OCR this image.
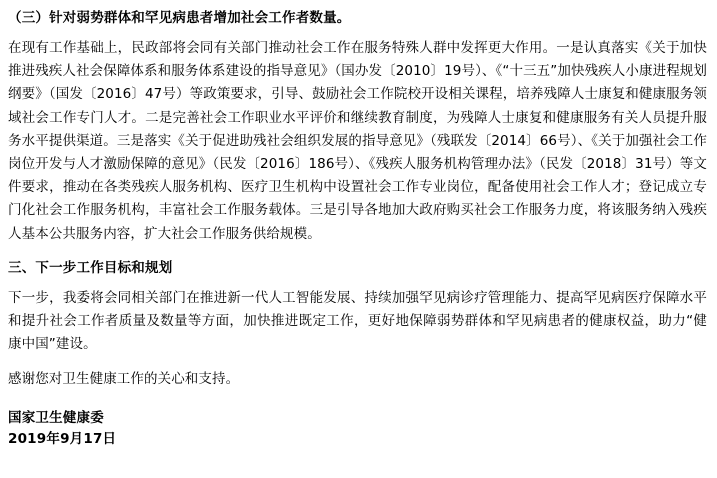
（三）针对弱势群体和罕见病患者增加社会工作者数量。

在现有工作基础上，民政部将会同有关部门推动社会工作在服务特殊人群中发挥更大作用。一是认真落实《关于加快推进残疾人社会保障体系和服务体系建设的指导意见》（国办发〔2010〕19号）、《“十三五”加快残疾人小康进程规划纲要》（国发〔2016〕47号）等政策要求，引导、鼓励社会工作院校开设相关课程，培养残障人士康复和健康服务领域社会工作专门人才。二是完善社会工作职业水平评价和继续教育制度，为残障人士康复和健康服务有关人员提升服务水平提供渠道。三是落实《关于促进助残社会组织发展的指导意见》（残联发〔2014〕66号）、《关于加强社会工作岗位开发与人才激励保障的意见》（民发〔2016〕186号）、《残疾人服务机构管理办法》（民发〔2018〕31号）等文件要求，推动在各类残疾人服务机构、医疗卫生机构中设置社会工作专业岗位，配备使用社会工作人才；登记成立专门化社会工作服务机构，丰富社会工作服务载体。三是引导各地加大政府购买社会工作服务力度，将该服务纳入残疾人基本公共服务内容，扩大社会工作服务供给规模。

三、下一步工作目标和规划

下一步，我委将会同相关部门在推进新一代人工智能发展、持续加强罕见病诊疗管理能力、提高罕见病医疗保障水平和提升社会工作者质量及数量等方面，加快推进既定工作，更好地保障弱势群体和罕见病患者的健康权益，助力“健康中国”建设。

感谢您对卫生健康工作的关心和支持。

国家卫生健康委

2019年9月17日
